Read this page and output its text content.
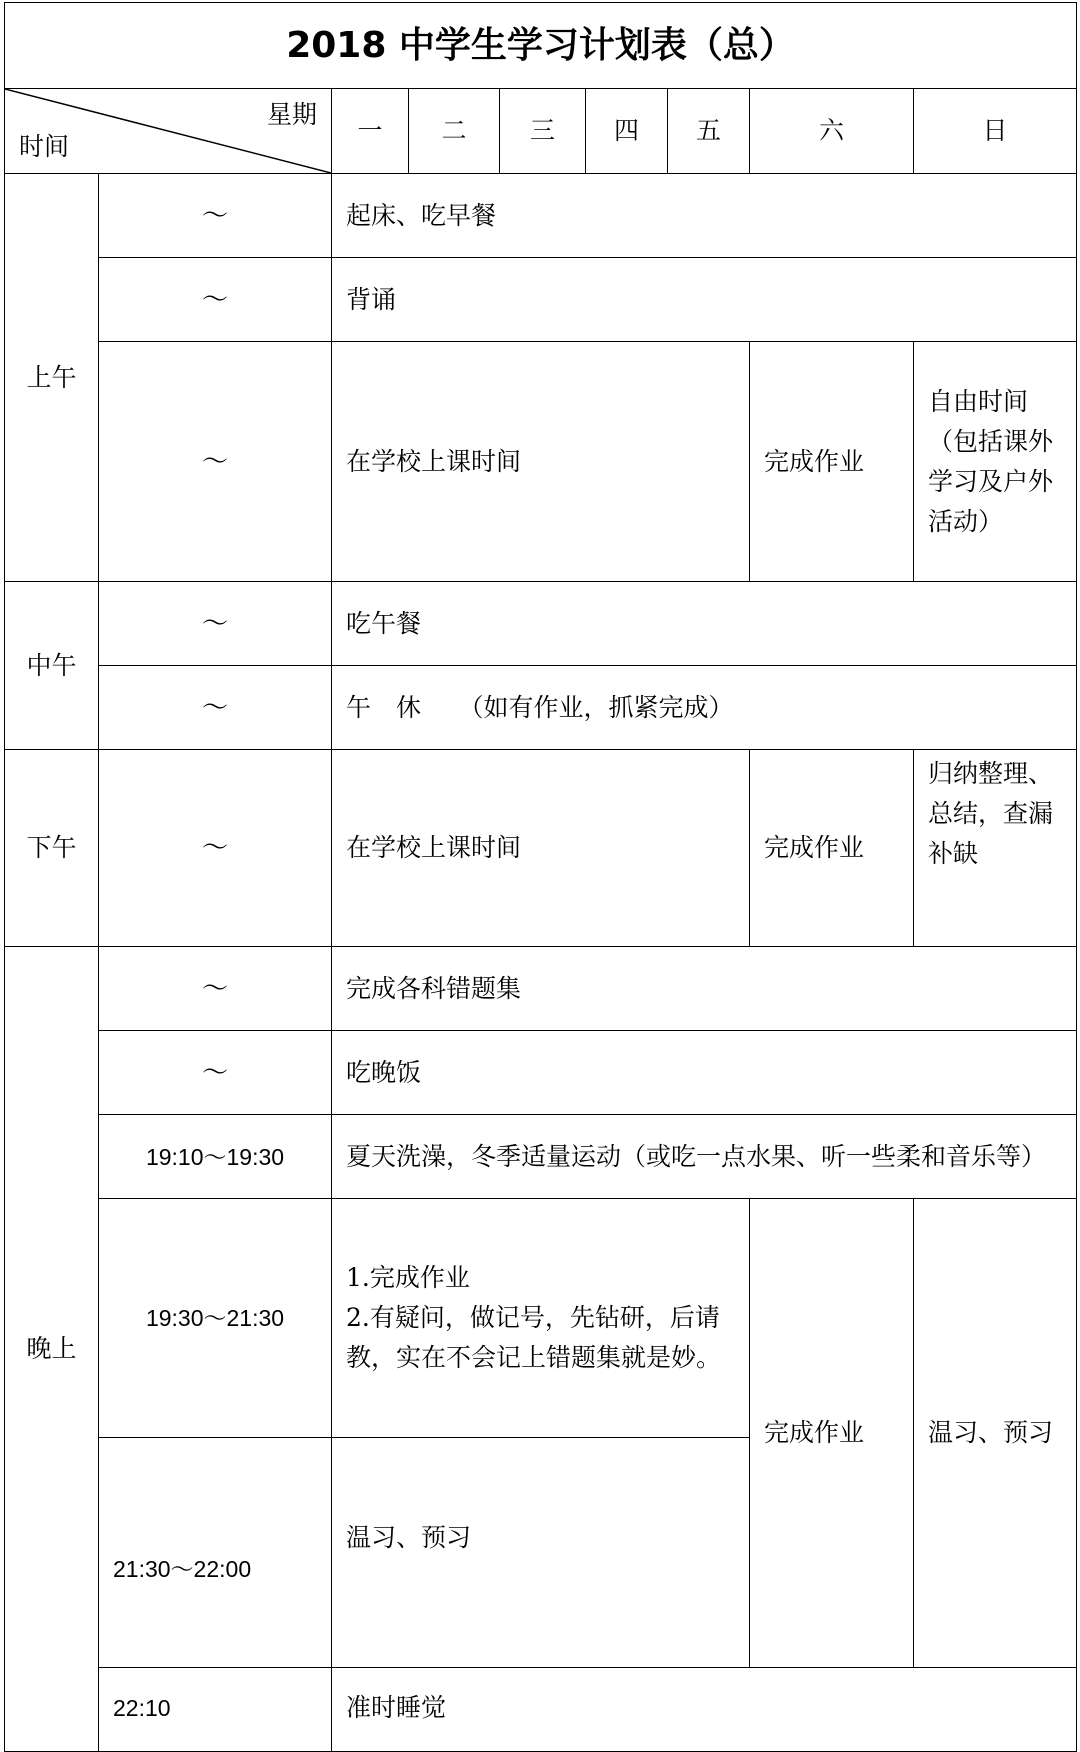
2018 中学生学习计划表（总）								

星期
时间		一	二	三	四	五	六	日
上午	～	起床、吃早餐						
	～	背诵						
	～	在学校上课时间					完成作业	自由时间（包括课外学习及户外活动）
中午	～	吃午餐						
	～	午　休　　（如有作业，抓紧完成）						
下午	～	在学校上课时间					完成作业	归纳整理、总结，查漏补缺
晚上	～	完成各科错题集						
	～	吃晚饭						
	19:10～19:30	夏天洗澡，冬季适量运动（或吃一点水果、听一些柔和音乐等）						
	19:30～21:30	1.完成作业
2.有疑问，做记号，先钻研，后请教，实在不会记上错题集就是妙。					完成作业	温习、预习
	21:30～22:00	温习、预习						
	22:10	准时睡觉						
